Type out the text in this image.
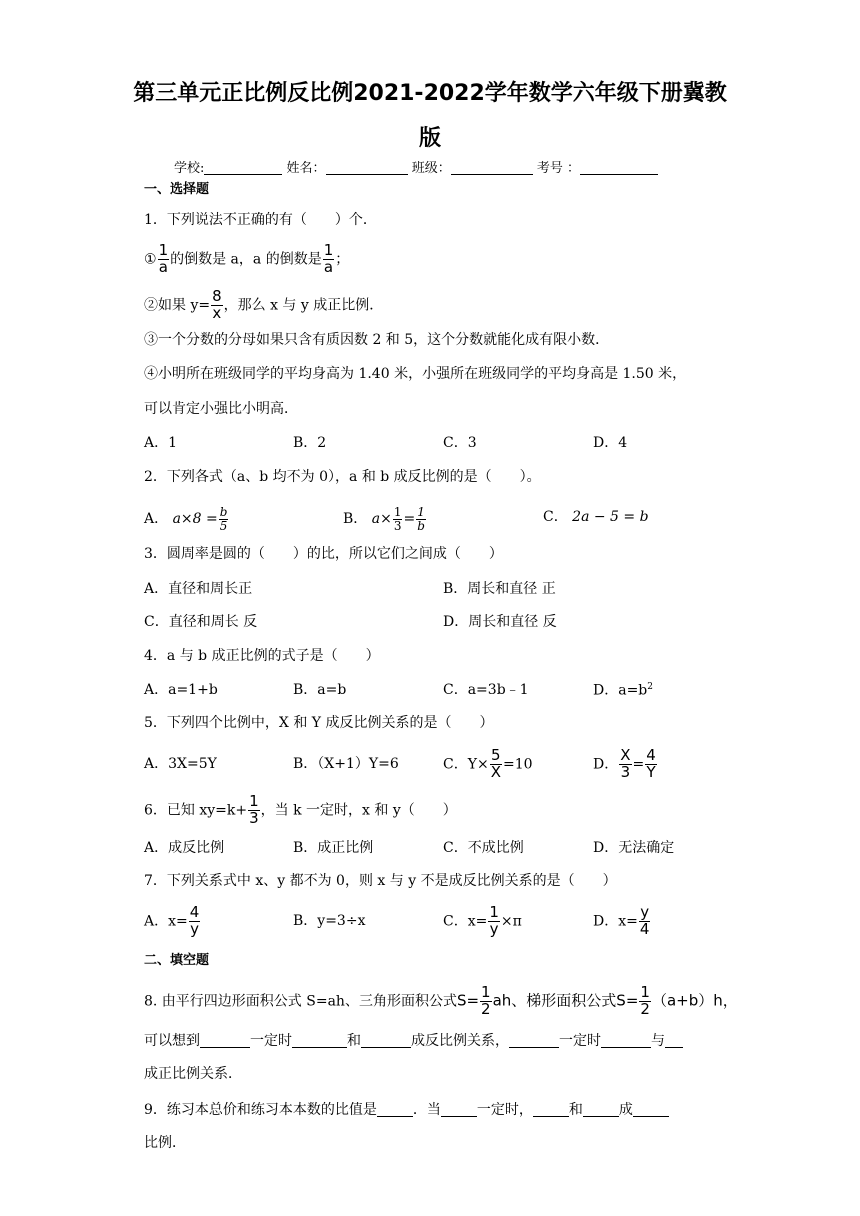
第三单元正比例反比例2021-2022学年数学六年级下册冀教
版
学校:	姓名：	班级：	考号 ：
一、选择题
1．下列说法不正确的有（　　）个．
① $\frac{1}{a}$ 的倒数是 a，a 的倒数是 $\frac{1}{a}$ ；
②如果 $y= \frac{8}{x}$ ，那么 x 与 y 成正比例．
③一个分数的分母如果只含有质因数 2 和 5，这个分数就能化成有限小数．
④小明所在班级同学的平均身高为 1.40 米，小强所在班级同学的平均身高是 1.50 米，
可以肯定小强比小明高．
A．1	B．2	C．3	D．4
2．下列各式（a、b 均不为 0），a 和 b 成反比例的是（　　）。
A． $a\times 8 = \frac{b}{5}$	B． $a\times \frac{1}{3} = \frac{1}{b}$	C． 2a − 5 = b
3．圆周率是圆的（　　）的比，所以它们之间成（　　）
A．直径和周长正	B．周长和直径 正
C．直径和周长 反	D．周长和直径 反
4．a 与 b 成正比例的式子是（　　）
A．a=1+b	B．a=b	C．a=3b﹣1	D．$a=b^2$
5．下列四个比例中，X 和 Y 成反比例关系的是（　　）
A．3X=5Y	B．（X+1）Y=6	C．$Y\times \frac{5}{X} =10$	D． $\frac{X}{3} = \frac{4}{Y}$
6．已知 $xy=k+ \frac{1}{3}$ ，当 k 一定时，x 和 y（　　）
A．成反比例	B．成正比例	C．不成比例	D．无法确定
7．下列关系式中 x、y 都不为 0，则 x 与 y 不是成反比例关系的是（　　）
A．$x= \frac{4}{y}$	B．y=3÷x	C．$x= \frac{1}{y} \times\pi$	D．$x= \frac{y}{4}$
二、填空题
8. 由平行四边形面积公式 S=ah、三角形面积公式$S= \frac{1}{2}$ ah、梯形面积公式$S= \frac{1}{2} (a+b)h$，
可以想到	一定时	和	成反比例关系，	一定时	与
成正比例关系．
9．练习本总价和练习本本数的比值是	．当	一定时，	和	成
比例．
